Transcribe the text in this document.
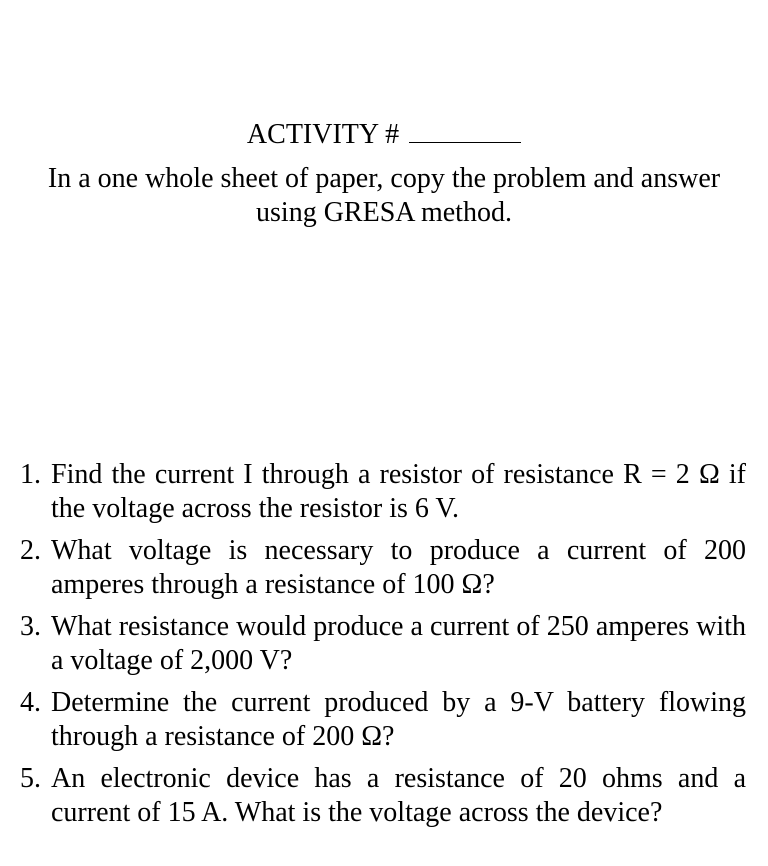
ACTIVITY #
In a one whole sheet of paper, copy the problem and answer using GRESA method.
1. Find the current I through a resistor of resistance R = 2 Ω if the voltage across the resistor is 6 V.
2. What voltage is necessary to produce a current of 200 amperes through a resistance of 100 Ω?
3. What resistance would produce a current of 250 amperes with a voltage of 2,000 V?
4. Determine the current produced by a 9-V battery flowing through a resistance of 200 Ω?
5. An electronic device has a resistance of 20 ohms and a current of 15 A. What is the voltage across the device?
